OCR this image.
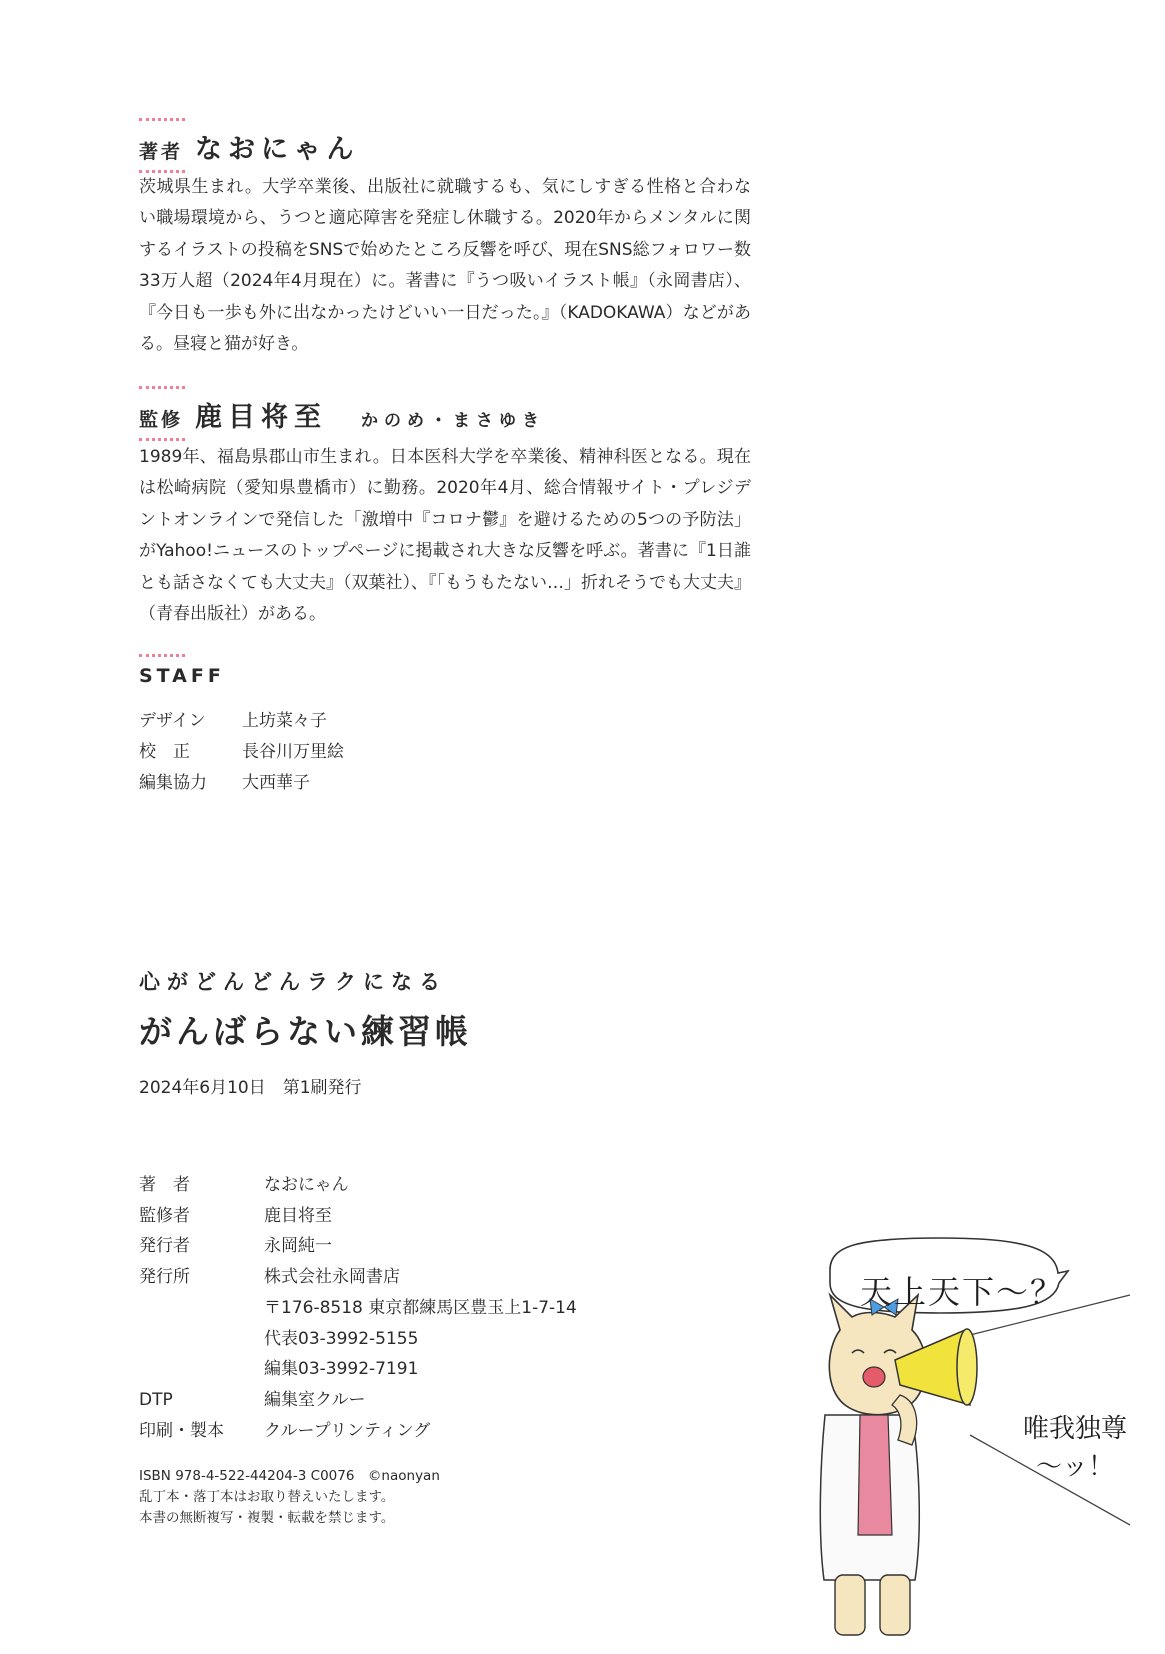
著者 なおにゃん

茨城県生まれ。大学卒業後、出版社に就職するも、気にしすぎる性格と合わない職場環境から、うつと適応障害を発症し休職する。2020年からメンタルに関するイラストの投稿をSNSで始めたところ反響を呼び、現在SNS総フォロワー数33万人超（2024年4月現在）に。著書に『うつ吸いイラスト帳』（永岡書店）、『今日も一歩も外に出なかったけどいい一日だった。』（KADOKAWA）などがある。昼寝と猫が好き。

監修 鹿目将至 かのめ・まさゆき

1989年、福島県郡山市生まれ。日本医科大学を卒業後、精神科医となる。現在は松崎病院（愛知県豊橋市）に勤務。2020年4月、総合情報サイト・プレジデントオンラインで発信した「激増中『コロナ鬱』を避けるための5つの予防法」がYahoo!ニュースのトップページに掲載され大きな反響を呼ぶ。著書に『1日誰とも話さなくても大丈夫』（双葉社）、『「もうもたない…」折れそうでも大丈夫』（青春出版社）がある。

STAFF
デザイン	上坊菜々子
校　正	長谷川万里絵
編集協力	大西華子
心がどんどんラクになる
がんばらない練習帳
2024年6月10日　第1刷発行
著　者	なおにゃん
監修者	鹿目将至
発行者	永岡純一
発行所	株式会社永岡書店
〒176-8518 東京都練馬区豊玉上1-7-14
代表03-3992-5155
編集03-3992-7191
DTP	編集室クルー
印刷・製本	クループリンティング
ISBN 978-4-522-44204-3 C0076　©naonyan
乱丁本・落丁本はお取り替えいたします。
本書の無断複写・複製・転載を禁じます。
天上天下〜？
唯我独尊
〜ッ！
